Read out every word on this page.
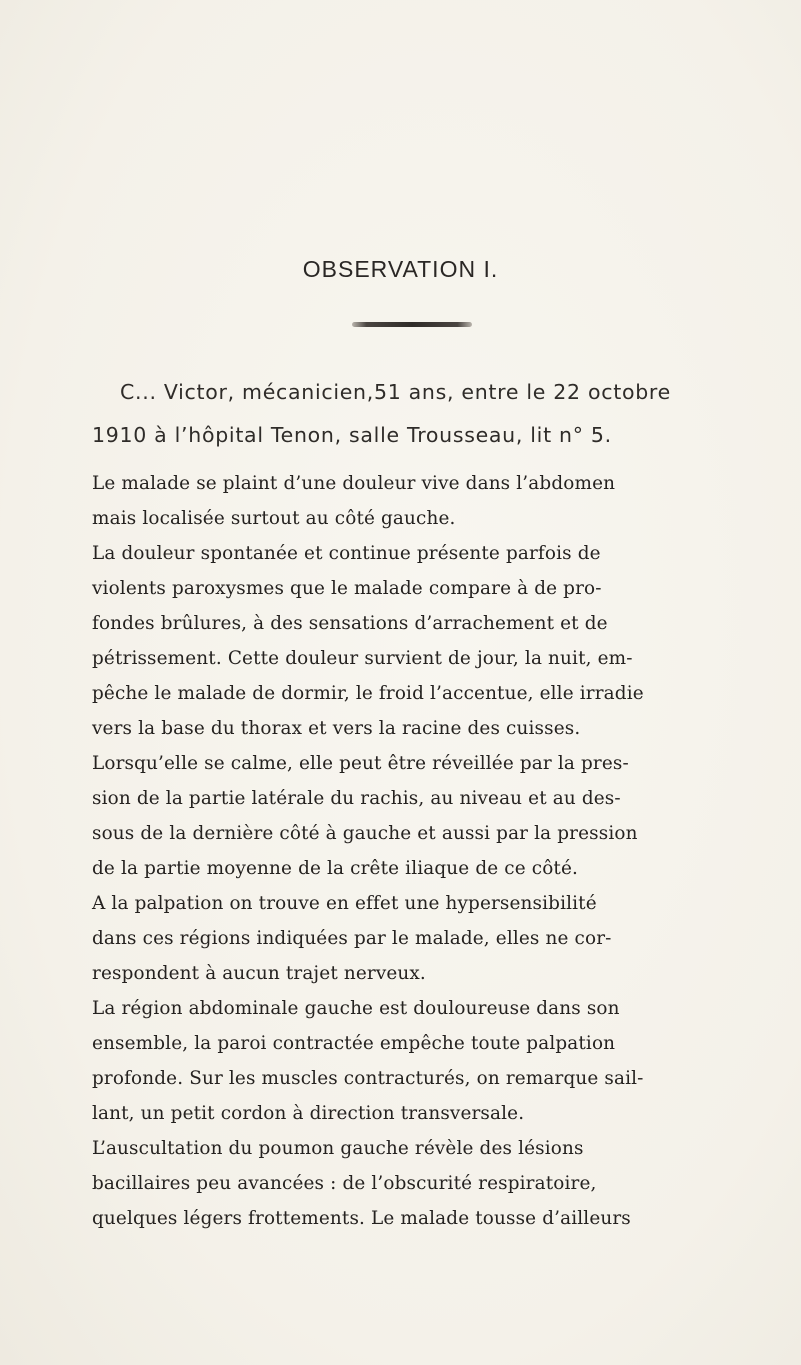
OBSERVATION I.
C... Victor, mécanicien,51 ans, entre le 22 octobre
1910 à l’hôpital Tenon, salle Trousseau, lit n° 5.
Le malade se plaint d’une douleur vive dans l’abdomen
mais localisée surtout au côté gauche.
La douleur spontanée et continue présente parfois de
violents paroxysmes que le malade compare à de pro-
fondes brûlures, à des sensations d’arrachement et de
pétrissement. Cette douleur survient de jour, la nuit, em-
pêche le malade de dormir, le froid l’accentue, elle irradie
vers la base du thorax et vers la racine des cuisses.
Lorsqu’elle se calme, elle peut être réveillée par la pres-
sion de la partie latérale du rachis, au niveau et au des-
sous de la dernière côté à gauche et aussi par la pression
de la partie moyenne de la crête iliaque de ce côté.
A la palpation on trouve en effet une hypersensibilité
dans ces régions indiquées par le malade, elles ne cor-
respondent à aucun trajet nerveux.
La région abdominale gauche est douloureuse dans son
ensemble, la paroi contractée empêche toute palpation
profonde. Sur les muscles contracturés, on remarque sail-
lant, un petit cordon à direction transversale.
L’auscultation du poumon gauche révèle des lésions
bacillaires peu avancées : de l’obscurité respiratoire,
quelques légers frottements. Le malade tousse d’ailleurs
